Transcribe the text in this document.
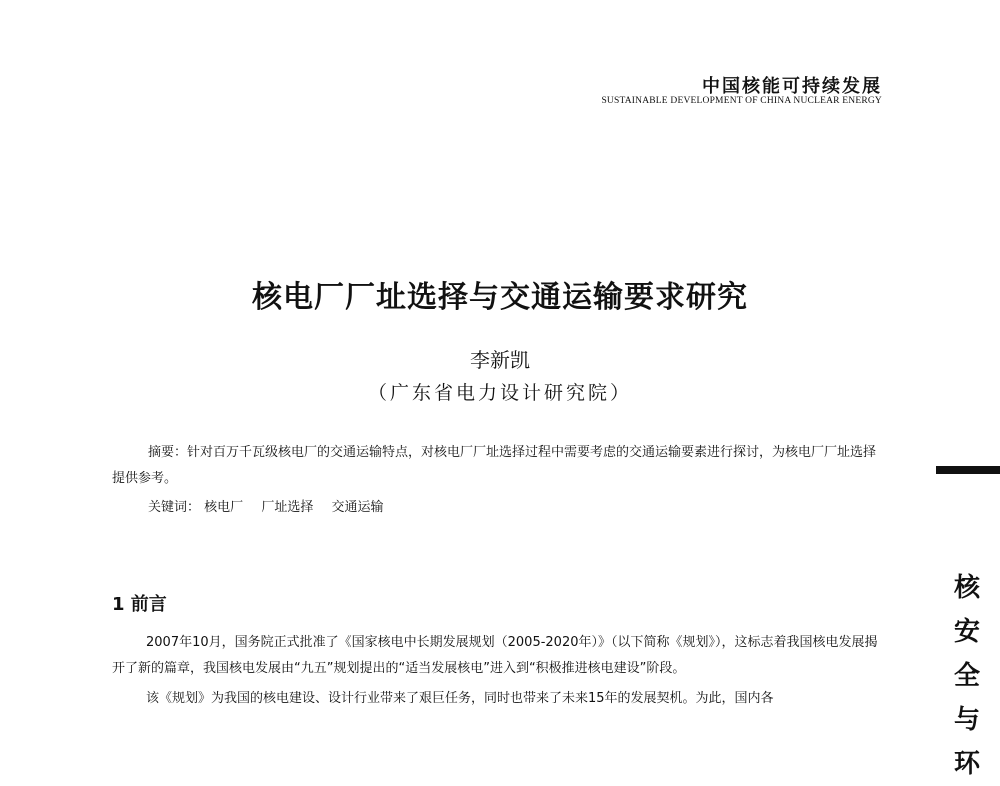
中国核能可持续发展
SUSTAINABLE DEVELOPMENT OF CHINA NUCLEAR ENERGY
核电厂厂址选择与交通运输要求研究
李新凯
（广东省电力设计研究院）

摘要：针对百万千瓦级核电厂的交通运输特点，对核电厂厂址选择过程中需要考虑的交通运输要素进行探讨，为核电厂厂址选择提供参考。

关键词： 核电厂 厂址选择 交通运输
1 前言

2007年10月，国务院正式批准了《国家核电中长期发展规划（2005-2020年）》（以下简称《规划》），这标志着我国核电发展揭开了新的篇章，我国核电发展由“九五”规划提出的“适当发展核电”进入到“积极推进核电建设”阶段。

该《规划》为我国的核电建设、设计行业带来了艰巨任务，同时也带来了未来15年的发展契机。为此，国内各

核
安
全
与
环
